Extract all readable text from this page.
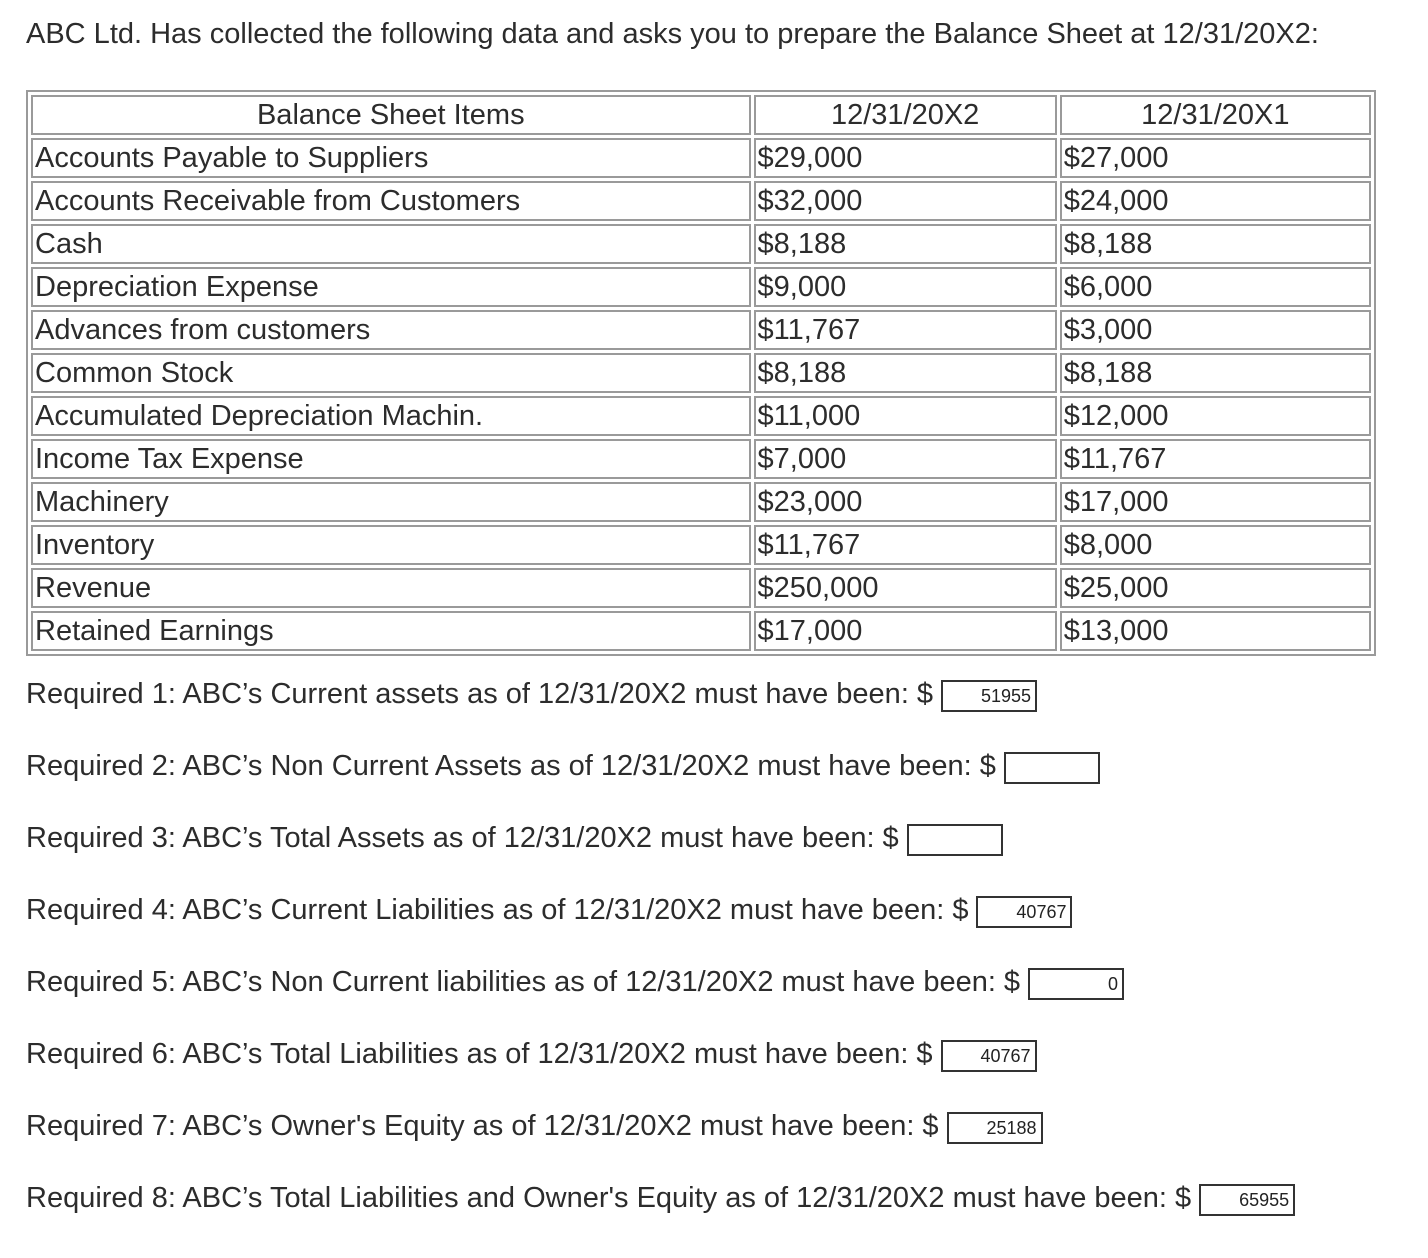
ABC Ltd. Has collected the following data and asks you to prepare the Balance Sheet at 12/31/20X2:
Balance Sheet Items	12/31/20X2	12/31/20X1
Accounts Payable to Suppliers	$29,000	$27,000
Accounts Receivable from Customers	$32,000	$24,000
Cash	$8,188	$8,188
Depreciation Expense	$9,000	$6,000
Advances from customers	$11,767	$3,000
Common Stock	$8,188	$8,188
Accumulated Depreciation Machin.	$11,000	$12,000
Income Tax Expense	$7,000	$11,767
Machinery	$23,000	$17,000
Inventory	$11,767	$8,000
Revenue	$250,000	$25,000
Retained Earnings	$17,000	$13,000
Required 1: ABC’s Current assets as of 12/31/20X2 must have been: $	51955
Required 2: ABC’s Non Current Assets as of 12/31/20X2 must have been: $
Required 3: ABC’s Total Assets as of 12/31/20X2 must have been: $
Required 4: ABC’s Current Liabilities as of 12/31/20X2 must have been: $	40767
Required 5: ABC’s Non Current liabilities as of 12/31/20X2 must have been: $	0
Required 6: ABC’s Total Liabilities as of 12/31/20X2 must have been: $	40767
Required 7: ABC’s Owner's Equity as of 12/31/20X2 must have been: $	25188
Required 8: ABC’s Total Liabilities and Owner's Equity as of 12/31/20X2 must have been: $	65955
